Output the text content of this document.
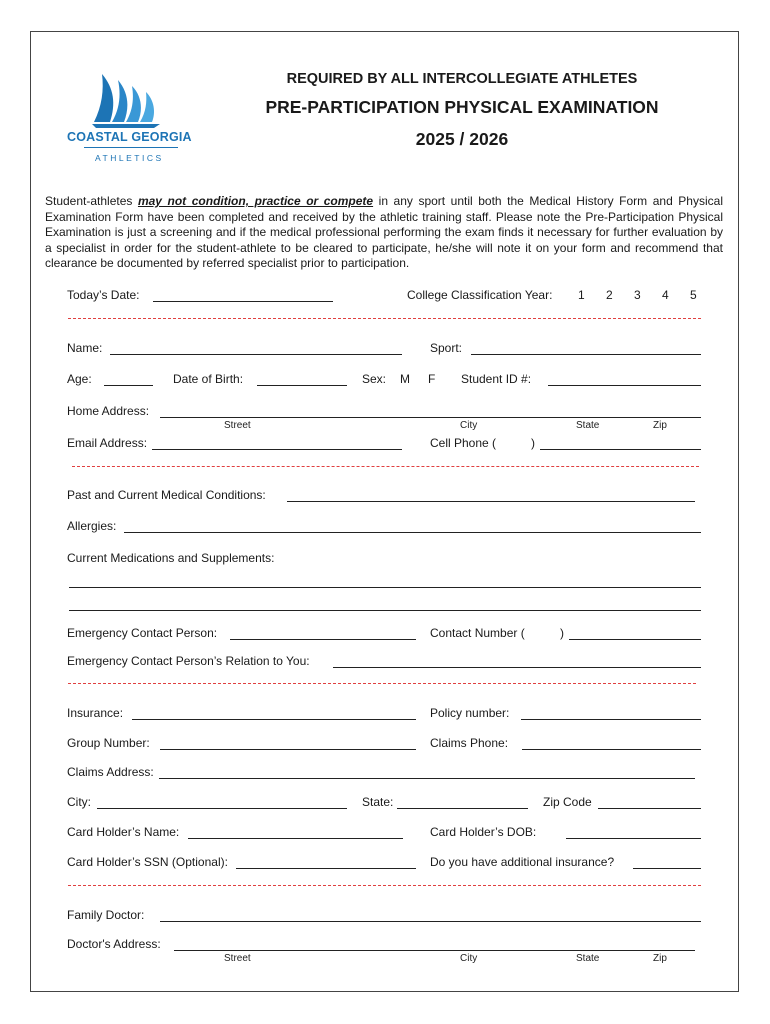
COASTAL GEORGIA
ATHLETICS
REQUIRED BY ALL INTERCOLLEGIATE ATHLETES
PRE-PARTICIPATION PHYSICAL EXAMINATION
2025 / 2026
Student-athletes may not condition, practice or compete in any sport until both the Medical History Form and Physical Examination Form have been completed and received by the athletic training staff. Please note the Pre-Participation Physical Examination is just a screening and if the medical professional performing the exam finds it necessary for further evaluation by a specialist in order for the student-athlete to be cleared to participate, he/she will note it on your form and recommend that clearance be documented by referred specialist prior to participation.
Today’s Date:	College Classification Year: 1 2 3 4 5
Name:	Sport:
Age:	Date of Birth:	Sex: M F Student ID #:
Home Address:
Street	City	State	Zip
Email Address:	Cell Phone (	)
Past and Current Medical Conditions:
Allergies:
Current Medications and Supplements:
Emergency Contact Person:	Contact Number (	)
Emergency Contact Person’s Relation to You:
Insurance:	Policy number:
Group Number:	Claims Phone:
Claims Address:
City:	State:	Zip Code
Card Holder’s Name:	Card Holder’s DOB:
Card Holder’s SSN (Optional):	Do you have additional insurance?
Family Doctor:
Doctor's Address:
Street	City	State	Zip
